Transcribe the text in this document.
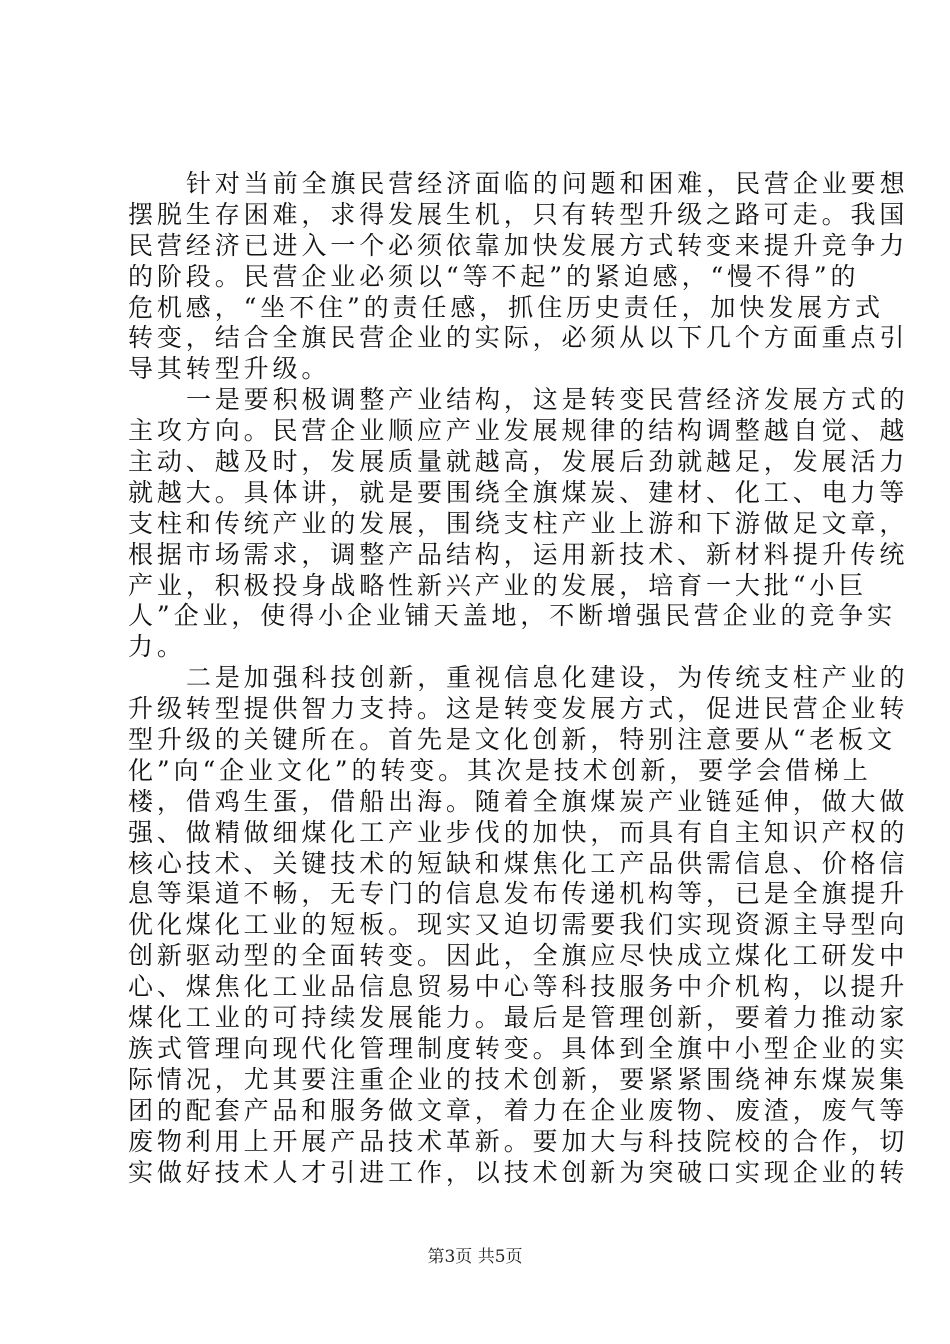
针对当前全旗民营经济面临的问题和困难，民营企业要想
摆脱生存困难，求得发展生机，只有转型升级之路可走。我国
民营经济已进入一个必须依靠加快发展方式转变来提升竞争力
的阶段。民营企业必须以“等不起”的紧迫感，“慢不得”的
危机感，“坐不住”的责任感，抓住历史责任，加快发展方式
转变，结合全旗民营企业的实际，必须从以下几个方面重点引
导其转型升级。
一是要积极调整产业结构，这是转变民营经济发展方式的
主攻方向。民营企业顺应产业发展规律的结构调整越自觉、越
主动、越及时，发展质量就越高，发展后劲就越足，发展活力
就越大。具体讲，就是要围绕全旗煤炭、建材、化工、电力等
支柱和传统产业的发展，围绕支柱产业上游和下游做足文章，
根据市场需求，调整产品结构，运用新技术、新材料提升传统
产业，积极投身战略性新兴产业的发展，培育一大批“小巨
人”企业，使得小企业铺天盖地，不断增强民营企业的竞争实
力。
二是加强科技创新，重视信息化建设，为传统支柱产业的
升级转型提供智力支持。这是转变发展方式，促进民营企业转
型升级的关键所在。首先是文化创新，特别注意要从“老板文
化”向“企业文化”的转变。其次是技术创新，要学会借梯上
楼，借鸡生蛋，借船出海。随着全旗煤炭产业链延伸，做大做
强、做精做细煤化工产业步伐的加快，而具有自主知识产权的
核心技术、关键技术的短缺和煤焦化工产品供需信息、价格信
息等渠道不畅，无专门的信息发布传递机构等，已是全旗提升
优化煤化工业的短板。现实又迫切需要我们实现资源主导型向
创新驱动型的全面转变。因此，全旗应尽快成立煤化工研发中
心、煤焦化工业品信息贸易中心等科技服务中介机构，以提升
煤化工业的可持续发展能力。最后是管理创新，要着力推动家
族式管理向现代化管理制度转变。具体到全旗中小型企业的实
际情况，尤其要注重企业的技术创新，要紧紧围绕神东煤炭集
团的配套产品和服务做文章，着力在企业废物、废渣，废气等
废物利用上开展产品技术革新。要加大与科技院校的合作，切
实做好技术人才引进工作，以技术创新为突破口实现企业的转
第3页 共5页
